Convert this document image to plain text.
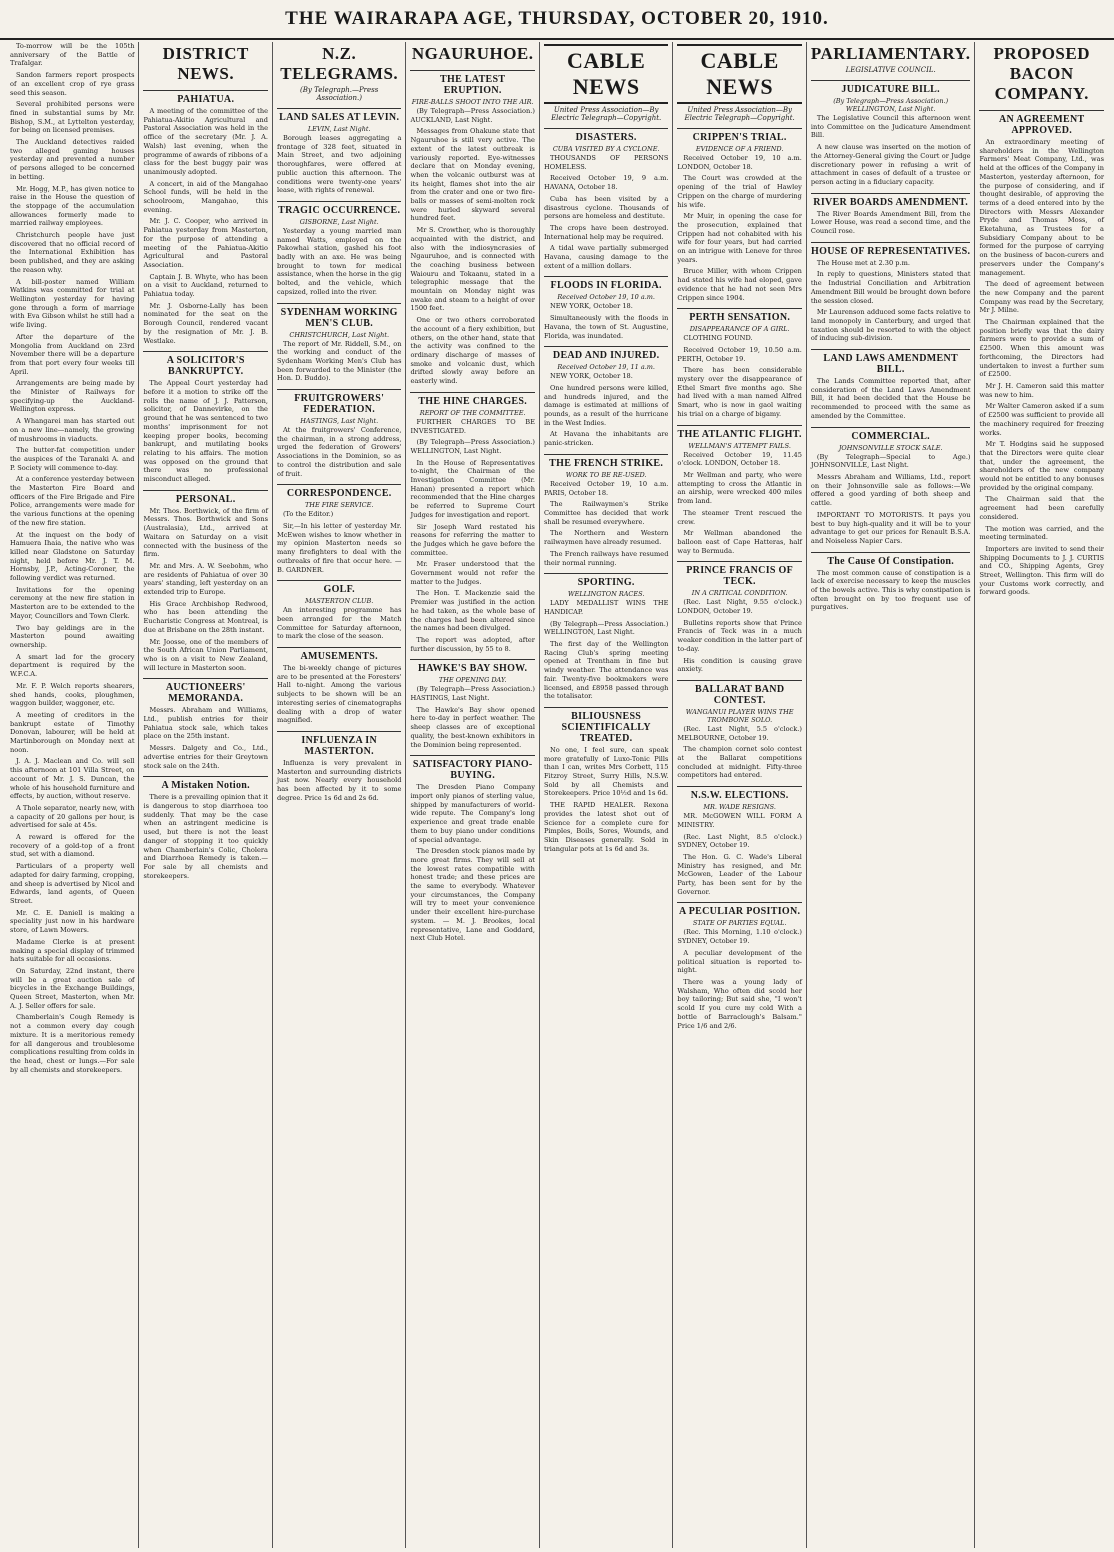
THE WAIRARAPA AGE, THURSDAY, OCTOBER 20, 1910.

To-morrow will be the 105th anniversary of the Battle of Trafalgar.

Sandon farmers report prospects of an excellent crop of rye grass seed this season.

Several prohibited persons were fined in substantial sums by Mr. Bishop, S.M., at Lyttelton yesterday, for being on licensed premises.

The Auckland detectives raided two alleged gaming houses yesterday and prevented a number of persons alleged to be concerned in betting.

Mr. Hogg, M.P., has given notice to raise in the House the question of the stoppage of the accumulation allowances formerly made to married railway employees.

Christchurch people have just discovered that no official record of the International Exhibition has been published, and they are asking the reason why.

A bill-poster named William Watkins was committed for trial at Wellington yesterday for having gone through a form of marriage with Eva Gibson whilst he still had a wife living.

After the departure of the Mongolia from Auckland on 23rd November there will be a departure from that port every four weeks till April.

Arrangements are being made by the Minister of Railways for specifying-up the Auckland-Wellington express.

A Whangarei man has started out on a new line—namely, the growing of mushrooms in viaducts.

The butter-fat competition under the auspices of the Taranaki A. and P. Society will commence to-day.

At a conference yesterday between the Masterton Fire Board and officers of the Fire Brigade and Fire Police, arrangements were made for the various functions at the opening of the new fire station.

At the inquest on the body of Hamuera Ihaia, the native who was killed near Gladstone on Saturday night, held before Mr. J. T. M. Hornsby, J.P., Acting-Coroner, the following verdict was returned.

Invitations for the opening ceremony at the new fire station in Masterton are to be extended to the Mayor, Councillors and Town Clerk.

Two bay geldings are in the Masterton pound awaiting ownership.

A smart lad for the grocery department is required by the W.F.C.A.

Mr. F. P. Welch reports shearers, shed hands, cooks, ploughmen, waggon builder, waggoner, etc.

A meeting of creditors in the bankrupt estate of Timothy Donovan, labourer, will be held at Martinborough on Monday next at noon.

J. A. J. Maclean and Co. will sell this afternoon at 101 Villa Street, on account of Mr. J. S. Duncan, the whole of his household furniture and effects, by auction, without reserve.

A Thole separator, nearly new, with a capacity of 20 gallons per hour, is advertised for sale at 45s.

A reward is offered for the recovery of a gold-top of a front stud, set with a diamond.

Particulars of a property well adapted for dairy farming, cropping, and sheep is advertised by Nicol and Edwards, land agents, of Queen Street.

Mr. C. E. Daniell is making a speciality just now in his hardware store, of Lawn Mowers.

Madame Clerke is at present making a special display of trimmed hats suitable for all occasions.

On Saturday, 22nd instant, there will be a great auction sale of bicycles in the Exchange Buildings, Queen Street, Masterton, when Mr. A. J. Seller offers for sale.

Chamberlain's Cough Remedy is not a common every day cough mixture. It is a meritorious remedy for all dangerous and troublesome complications resulting from colds in the head, chest or lungs.—For sale by all chemists and storekeepers.

DISTRICT NEWS.
PAHIATUA.

A meeting of the committee of the Pahiatua-Akitio Agricultural and Pastoral Association was held in the office of the secretary (Mr. J. A. Walsh) last evening, when the programme of awards of ribbons of a class for the best buggy pair was unanimously adopted.

A concert, in aid of the Mangahao School funds, will be held in the schoolroom, Mangahao, this evening.

Mr. J. C. Cooper, who arrived in Pahiatua yesterday from Masterton, for the purpose of attending a meeting of the Pahiatua-Akitio Agricultural and Pastoral Association.

Captain J. B. Whyte, who has been on a visit to Auckland, returned to Pahiatua today.

Mr. J. Osborne-Lally has been nominated for the seat on the Borough Council, rendered vacant by the resignation of Mr. J. B. Westlake.

A SOLICITOR'S BANKRUPTCY.

The Appeal Court yesterday had before it a motion to strike off the rolls the name of J. J. Patterson, solicitor, of Dannevirke, on the ground that he was sentenced to two months' imprisonment for not keeping proper books, becoming bankrupt, and mutilating books relating to his affairs. The motion was opposed on the ground that there was no professional misconduct alleged.

PERSONAL.

Mr. Thos. Borthwick, of the firm of Messrs. Thos. Borthwick and Sons (Australasia), Ltd., arrived at Waitara on Saturday on a visit connected with the business of the firm.

Mr. and Mrs. A. W. Seebohm, who are residents of Pahiatua of over 30 years' standing, left yesterday on an extended trip to Europe.

His Grace Archbishop Redwood, who has been attending the Eucharistic Congress at Montreal, is due at Brisbane on the 28th instant.

Mr. Joosse, one of the members of the South African Union Parliament, who is on a visit to New Zealand, will lecture in Masterton soon.

AUCTIONEERS' MEMORANDA.

Messrs. Abraham and Williams, Ltd., publish entries for their Pahiatua stock sale, which takes place on the 25th instant.

Messrs. Dalgety and Co., Ltd., advertise entries for their Greytown stock sale on the 24th.

A Mistaken Notion.

There is a prevailing opinion that it is dangerous to stop diarrhoea too suddenly. That may be the case when an astringent medicine is used, but there is not the least danger of stopping it too quickly when Chamberlain's Colic, Cholera and Diarrhoea Remedy is taken.—For sale by all chemists and storekeepers.

N.Z. TELEGRAMS.
(By Telegraph.—Press Association.)
LAND SALES AT LEVIN.
LEVIN, Last Night.

Borough leases aggregating a frontage of 328 feet, situated in Main Street, and two adjoining thoroughfares, were offered at public auction this afternoon. The conditions were twenty-one years' lease, with rights of renewal.

TRAGIC OCCURRENCE.
GISBORNE, Last Night.

Yesterday a young married man named Watts, employed on the Pakowhai station, gashed his foot badly with an axe. He was being brought to town for medical assistance, when the horse in the gig bolted, and the vehicle, which capsized, rolled into the river.

SYDENHAM WORKING MEN'S CLUB.
CHRISTCHURCH, Last Night.

The report of Mr. Riddell, S.M., on the working and conduct of the Sydenham Working Men's Club has been forwarded to the Minister (the Hon. D. Buddo).

FRUITGROWERS' FEDERATION.
HASTINGS, Last Night.

At the fruitgrowers' Conference, the chairman, in a strong address, urged the federation of Growers' Associations in the Dominion, so as to control the distribution and sale of fruit.

CORRESPONDENCE.
THE FIRE SERVICE.

(To the Editor.)

Sir,—In his letter of yesterday Mr. McEwen wishes to know whether in my opinion Masterton needs so many firefighters to deal with the outbreaks of fire that occur here. — B. GARDNER.

GOLF.
MASTERTON CLUB.

An interesting programme has been arranged for the Match Committee for Saturday afternoon, to mark the close of the season.

AMUSEMENTS.

The bi-weekly change of pictures are to be presented at the Foresters' Hall to-night. Among the various subjects to be shown will be an interesting series of cinematographs dealing with a drop of water magnified.

INFLUENZA IN MASTERTON.

Influenza is very prevalent in Masterton and surrounding districts just now. Nearly every household has been affected by it to some degree. Price 1s 6d and 2s 6d.

NGAURUHOE.
THE LATEST ERUPTION.
FIRE-BALLS SHOOT INTO THE AIR.

(By Telegraph—Press Association.) AUCKLAND, Last Night.

Messages from Ohakune state that Ngauruhoe is still very active. The extent of the latest outbreak is variously reported. Eye-witnesses declare that on Monday evening, when the volcanic outburst was at its height, flames shot into the air from the crater and one or two fire-balls or masses of semi-molten rock were hurled skyward several hundred feet.

Mr S. Crowther, who is thoroughly acquainted with the district, and also with the indiosyncrasies of Ngauruhoe, and is connected with the coaching business between Waiouru and Tokaanu, stated in a telegraphic message that the mountain on Monday night was awake and steam to a height of over 1500 feet.

One or two others corroborated the account of a fiery exhibition, but others, on the other hand, state that the activity was confined to the ordinary discharge of masses of smoke and volcanic dust, which drifted slowly away before an easterly wind.

THE HINE CHARGES.
REPORT OF THE COMMITTEE.

FURTHER CHARGES TO BE INVESTIGATED.

(By Telegraph—Press Association.) WELLINGTON, Last Night.

In the House of Representatives to-night, the Chairman of the Investigation Committee (Mr. Hanan) presented a report which recommended that the Hine charges be referred to Supreme Court Judges for investigation and report.

Sir Joseph Ward restated his reasons for referring the matter to the Judges which he gave before the committee.

Mr. Fraser understood that the Government would not refer the matter to the Judges.

The Hon. T. Mackenzie said the Premier was justified in the action he had taken, as the whole base of the charges had been altered since the names had been divulged.

The report was adopted, after further discussion, by 55 to 8.

HAWKE'S BAY SHOW.
THE OPENING DAY.

(By Telegraph—Press Association.) HASTINGS, Last Night.

The Hawke's Bay show opened here to-day in perfect weather. The sheep classes are of exceptional quality, the best-known exhibitors in the Dominion being represented.

SATISFACTORY PIANO-BUYING.

The Dresden Piano Company import only pianos of sterling value, shipped by manufacturers of world-wide repute. The Company's long experience and great trade enable them to buy piano under conditions of special advantage.

The Dresden stock pianos made by more great firms. They will sell at the lowest rates compatible with honest trade; and these prices are the same to everybody. Whatever your circumstances, the Company will try to meet your convenience under their excellent hire-purchase system. — M. J. Brookes, local representative, Lane and Goddard, next Club Hotel.

CABLE NEWS
United Press Association—By Electric Telegraph—Copyright.
DISASTERS.
CUBA VISITED BY A CYCLONE.

THOUSANDS OF PERSONS HOMELESS.

Received October 19, 9 a.m. HAVANA, October 18.

Cuba has been visited by a disastrous cyclone. Thousands of persons are homeless and destitute.

The crops have been destroyed. International help may be required.

A tidal wave partially submerged Havana, causing damage to the extent of a million dollars.

FLOODS IN FLORIDA.
Received October 19, 10 a.m.

NEW YORK, October 18.

Simultaneously with the floods in Havana, the town of St. Augustine, Florida, was inundated.

DEAD AND INJURED.
Received October 19, 11 a.m.

NEW YORK, October 18.

One hundred persons were killed, and hundreds injured, and the damage is estimated at millions of pounds, as a result of the hurricane in the West Indies.

At Havana the inhabitants are panic-stricken.

THE FRENCH STRIKE.
WORK TO BE RE-USED.

Received October 19, 10 a.m. PARIS, October 18.

The Railwaymen's Strike Committee has decided that work shall be resumed everywhere.

The Northern and Western railwaymen have already resumed.

The French railways have resumed their normal running.

SPORTING.
WELLINGTON RACES.

LADY MEDALLIST WINS THE HANDICAP.

(By Telegraph—Press Association.) WELLINGTON, Last Night.

The first day of the Wellington Racing Club's spring meeting opened at Trentham in fine but windy weather. The attendance was fair. Twenty-five bookmakers were licensed, and £8958 passed through the totalisator.

BILIOUSNESS SCIENTIFICALLY TREATED.

No one, I feel sure, can speak more gratefully of Luxo-Tonic Pills than I can, writes Mrs Corbett, 115 Fitzroy Street, Surry Hills, N.S.W. Sold by all Chemists and Storekeepers. Price 10½d and 1s 6d.

THE RAPID HEALER. Rexona provides the latest shot out of Science for a complete cure for Pimples, Boils, Sores, Wounds, and Skin Diseases generally. Sold in triangular pots at 1s 6d and 3s.

CABLE NEWS
United Press Association—By Electric Telegraph—Copyright.
CRIPPEN'S TRIAL.
EVIDENCE OF A FRIEND.

Received October 19, 10 a.m. LONDON, October 18.

The Court was crowded at the opening of the trial of Hawley Crippen on the charge of murdering his wife.

Mr Muir, in opening the case for the prosecution, explained that Crippen had not cohabited with his wife for four years, but had carried on an intrigue with Leneve for three years.

Bruce Miller, with whom Crippen had stated his wife had eloped, gave evidence that he had not seen Mrs Crippen since 1904.

PERTH SENSATION.
DISAPPEARANCE OF A GIRL.

CLOTHING FOUND.

Received October 19, 10.50 a.m. PERTH, October 19.

There has been considerable mystery over the disappearance of Ethel Smart five months ago. She had lived with a man named Alfred Smart, who is now in gaol waiting his trial on a charge of bigamy.

THE ATLANTIC FLIGHT.
WELLMAN'S ATTEMPT FAILS.

Received October 19, 11.45 o'clock. LONDON, October 18.

Mr Wellman and party, who were attempting to cross the Atlantic in an airship, were wrecked 400 miles from land.

The steamer Trent rescued the crew.

Mr Wellman abandoned the balloon east of Cape Hatteras, half way to Bermuda.

PRINCE FRANCIS OF TECK.
IN A CRITICAL CONDITION.

(Rec. Last Night, 9.55 o'clock.) LONDON, October 19.

Bulletins reports show that Prince Francis of Teck was in a much weaker condition in the latter part of to-day.

His condition is causing grave anxiety.

BALLARAT BAND CONTEST.
WANGANUI PLAYER WINS THE TROMBONE SOLO.

(Rec. Last Night, 5.5 o'clock.) MELBOURNE, October 19.

The champion cornet solo contest at the Ballarat competitions concluded at midnight. Fifty-three competitors had entered.

N.S.W. ELECTIONS.
MR. WADE RESIGNS.

MR. McGOWEN WILL FORM A MINISTRY.

(Rec. Last Night, 8.5 o'clock.) SYDNEY, October 19.

The Hon. G. C. Wade's Liberal Ministry has resigned, and Mr. McGowen, Leader of the Labour Party, has been sent for by the Governor.

A PECULIAR POSITION.
STATE OF PARTIES EQUAL.

(Rec. This Morning, 1.10 o'clock.) SYDNEY, October 19.

A peculiar development of the political situation is reported to-night.

There was a young lady of Walsham, Who often did scold her boy tailoring; But said she, "I won't scold If you cure my cold With a bottle of Barraclough's Balsam." Price 1/6 and 2/6.

PARLIAMENTARY.
LEGISLATIVE COUNCIL.
JUDICATURE BILL.
(By Telegraph—Press Association.) WELLINGTON, Last Night.

The Legislative Council this afternoon went into Committee on the Judicature Amendment Bill.

A new clause was inserted on the motion of the Attorney-General giving the Court or Judge discretionary power in refusing a writ of attachment in cases of default of a trustee or person acting in a fiduciary capacity.

RIVER BOARDS AMENDMENT.

The River Boards Amendment Bill, from the Lower House, was read a second time, and the Council rose.

HOUSE OF REPRESENTATIVES.

The House met at 2.30 p.m.

In reply to questions, Ministers stated that the Industrial Conciliation and Arbitration Amendment Bill would be brought down before the session closed.

Mr Laurenson adduced some facts relative to land monopoly in Canterbury, and urged that taxation should be resorted to with the object of inducing sub-division.

LAND LAWS AMENDMENT BILL.

The Lands Committee reported that, after consideration of the Land Laws Amendment Bill, it had been decided that the House be recommended to proceed with the same as amended by the Committee.

COMMERCIAL.
JOHNSONVILLE STOCK SALE.

(By Telegraph—Special to Age.) JOHNSONVILLE, Last Night.

Messrs Abraham and Williams, Ltd., report on their Johnsonville sale as follows:—We offered a good yarding of both sheep and cattle.

IMPORTANT TO MOTORISTS. It pays you best to buy high-quality and it will be to your advantage to get our prices for Renault B.S.A. and Noiseless Napier Cars.

The Cause Of Constipation.

The most common cause of constipation is a lack of exercise necessary to keep the muscles of the bowels active. This is why constipation is often brought on by too frequent use of purgatives.

PROPOSED BACON COMPANY.
AN AGREEMENT APPROVED.

An extraordinary meeting of shareholders in the Wellington Farmers' Meat Company, Ltd., was held at the offices of the Company in Masterton, yesterday afternoon, for the purpose of considering, and if thought desirable, of approving the terms of a deed entered into by the Directors with Messrs Alexander Pryde and Thomas Moss, of Eketahuna, as Trustees for a Subsidiary Company about to be formed for the purpose of carrying on the business of bacon-curers and preservers under the Company's management.

The deed of agreement between the new Company and the parent Company was read by the Secretary, Mr J. Milne.

The Chairman explained that the position briefly was that the dairy farmers were to provide a sum of £2500. When this amount was forthcoming, the Directors had undertaken to invest a further sum of £2500.

Mr J. H. Cameron said this matter was new to him.

Mr Walter Cameron asked if a sum of £2500 was sufficient to provide all the machinery required for freezing works.

Mr T. Hodgins said he supposed that the Directors were quite clear that, under the agreement, the shareholders of the new company would not be entitled to any bonuses provided by the original company.

The Chairman said that the agreement had been carefully considered.

The motion was carried, and the meeting terminated.

Importers are invited to send their Shipping Documents to J. J. CURTIS and CO., Shipping Agents, Grey Street, Wellington. This firm will do your Customs work correctly, and forward goods.
